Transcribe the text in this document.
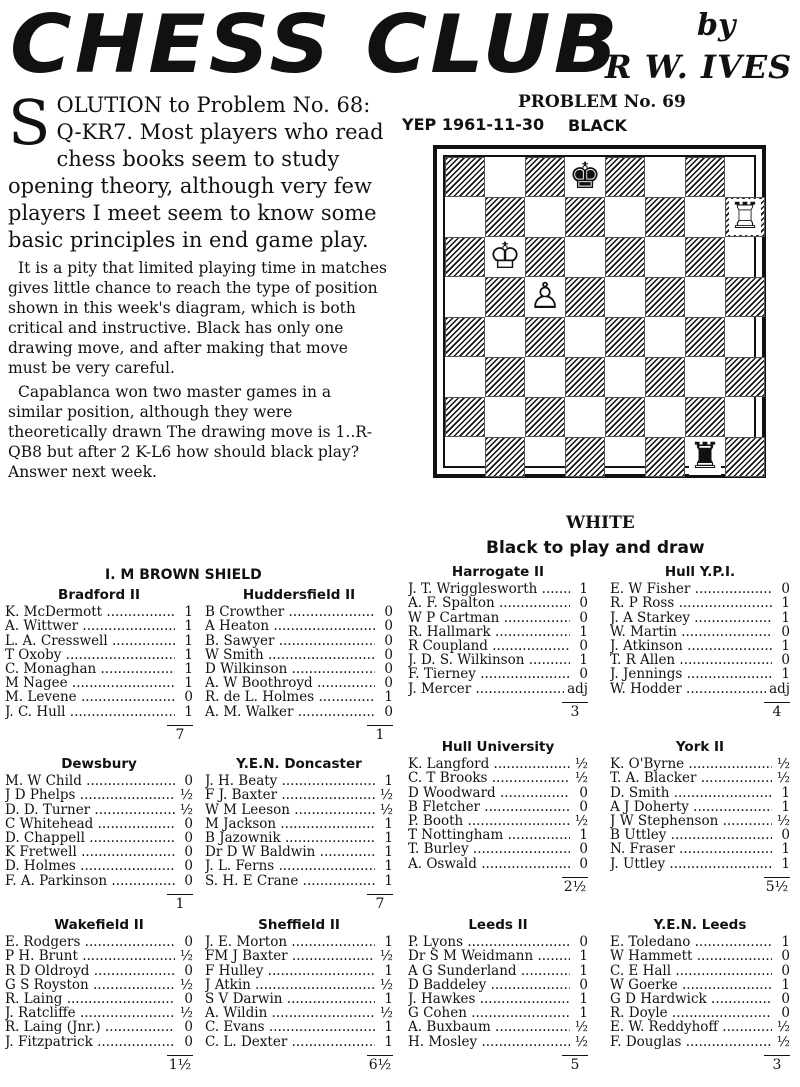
CHESS CLUB	by
R W. IVES

SOLUTION to Problem No. 68: Q-KR7. Most players who read chess books seem to study opening theory, although very few players I meet seem to know some basic principles in end game play.

It is a pity that limited playing time in matches gives little chance to reach the type of position shown in this week's diagram, which is both critical and instructive. Black has only one drawing move, and after making that move must be very careful.

Capablanca won two master games in a similar position, although they were theoretically drawn The drawing move is 1..R-QB8 but after 2 K-L6 how should black play? Answer next week.

PROBLEM No. 69
YEP 1961-11-30 BLACK
♚
♖
♔
♙
♜
WHITE
Black to play and draw
I. M BROWN SHIELD
Bradford II
K. McDermott .....	1
A. Wittwer .....	1
L. A. Cresswell .....	1
T Oxoby .....	1
C. Monaghan .....	1
M Nagee .....	1
M. Levene .....	0
J. C. Hull .....	1
7
Huddersfield II
B Crowther .....	0
A Heaton .....	0
B. Sawyer .....	0
W Smith .....	0
D Wilkinson .....	0
A. W Boothroyd .....	0
R. de L. Holmes .....	1
A. M. Walker .....	0
1
Harrogate II
J. T. Wrigglesworth .....	1
A. F. Spalton .....	0
W P Cartman .....	0
R. Hallmark .....	1
R Coupland .....	0
J. D. S. Wilkinson .....	1
F. Tierney .....	0
J. Mercer .....	adj
3
Hull Y.P.I.
E. W Fisher .....	0
R. P Ross .....	1
J. A Starkey .....	1
W. Martin .....	0
J. Atkinson .....	1
T. R Allen .....	0
J. Jennings .....	1
W. Hodder .....	adj
4
Dewsbury
M. W Child .....	0
J D Phelps .....	½
D. D. Turner .....	½
C Whitehead .....	0
D. Chappell .....	0
K Fretwell .....	0
D. Holmes .....	0
F. A. Parkinson .....	0
1
Y.E.N. Doncaster
J. H. Beaty .....	1
F J. Baxter .....	½
W M Leeson .....	½
M Jackson .....	1
B Jazownik .....	1
Dr D W Baldwin .....	1
J. L. Ferns .....	1
S. H. E Crane .....	1
7
Hull University
K. Langford .....	½
C. T Brooks .....	½
D Woodward .....	0
B Fletcher .....	0
P. Booth .....	½
T Nottingham .....	1
T. Burley .....	0
A. Oswald .....	0
2½
York II
K. O'Byrne .....	½
T. A. Blacker .....	½
D. Smith .....	1
A J Doherty .....	1
J W Stephenson .....	½
B Uttley .....	0
N. Fraser .....	1
J. Uttley .....	1
5½
Wakefield II
E. Rodgers .....	0
P H. Brunt .....	½
R D Oldroyd .....	0
G S Royston .....	½
R. Laing .....	0
J. Ratcliffe .....	½
R. Laing (Jnr.) .....	0
J. Fitzpatrick .....	0
1½
Sheffield II
J. E. Morton .....	1
FM J Baxter .....	½
F Hulley .....	1
J Atkin .....	½
S V Darwin .....	1
A. Wildin .....	½
C. Evans .....	1
C. L. Dexter .....	1
6½
Leeds II
P. Lyons .....	0
Dr S M Weidmann .....	1
A G Sunderland .....	1
D Baddeley .....	0
J. Hawkes .....	1
G Cohen .....	1
A. Buxbaum .....	½
H. Mosley .....	½
5
Y.E.N. Leeds
E. Toledano .....	1
W Hammett .....	0
C. E Hall .....	0
W Goerke .....	1
G D Hardwick .....	0
R. Doyle .....	0
E. W. Reddyhoff .....	½
F. Douglas .....	½
3
